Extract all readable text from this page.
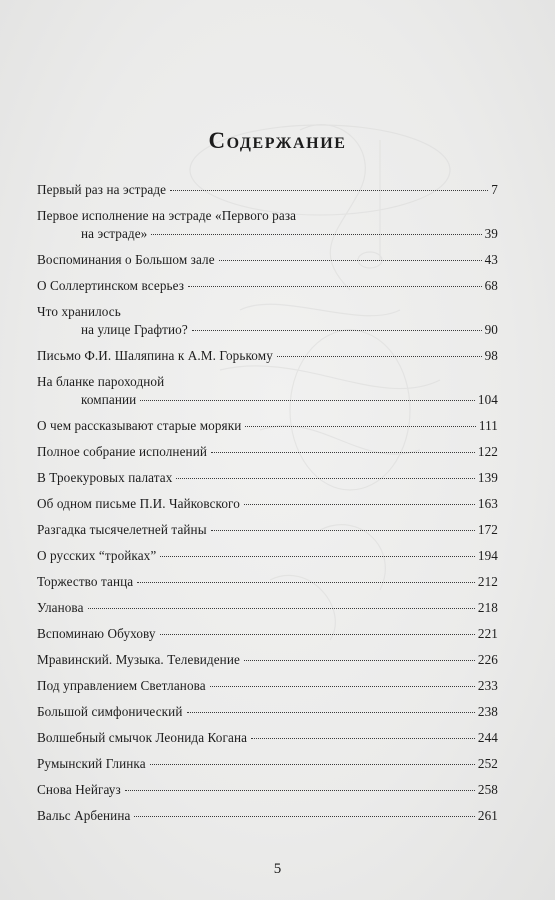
Содержание
Первый раз на эстраде	7
Первое исполнение на эстраде «Первого раза
на эстраде»	39
Воспоминания о Большом зале	43
О Соллертинском всерьез	68
Что хранилось
на улице Графтио?	90
Письмо Ф.И. Шаляпина к А.М. Горькому	98
На бланке пароходной
компании	104
О чем рассказывают старые моряки	111
Полное собрание исполнений	122
В Троекуровых палатах	139
Об одном письме П.И. Чайковского	163
Разгадка тысячелетней тайны	172
О русских “тройках”	194
Торжество танца	212
Уланова	218
Вспоминаю Обухову	221
Мравинский. Музыка. Телевидение	226
Под управлением Светланова	233
Большой симфонический	238
Волшебный смычок Леонида Когана	244
Румынский Глинка	252
Снова Нейгауз	258
Вальс Арбенина	261
5
